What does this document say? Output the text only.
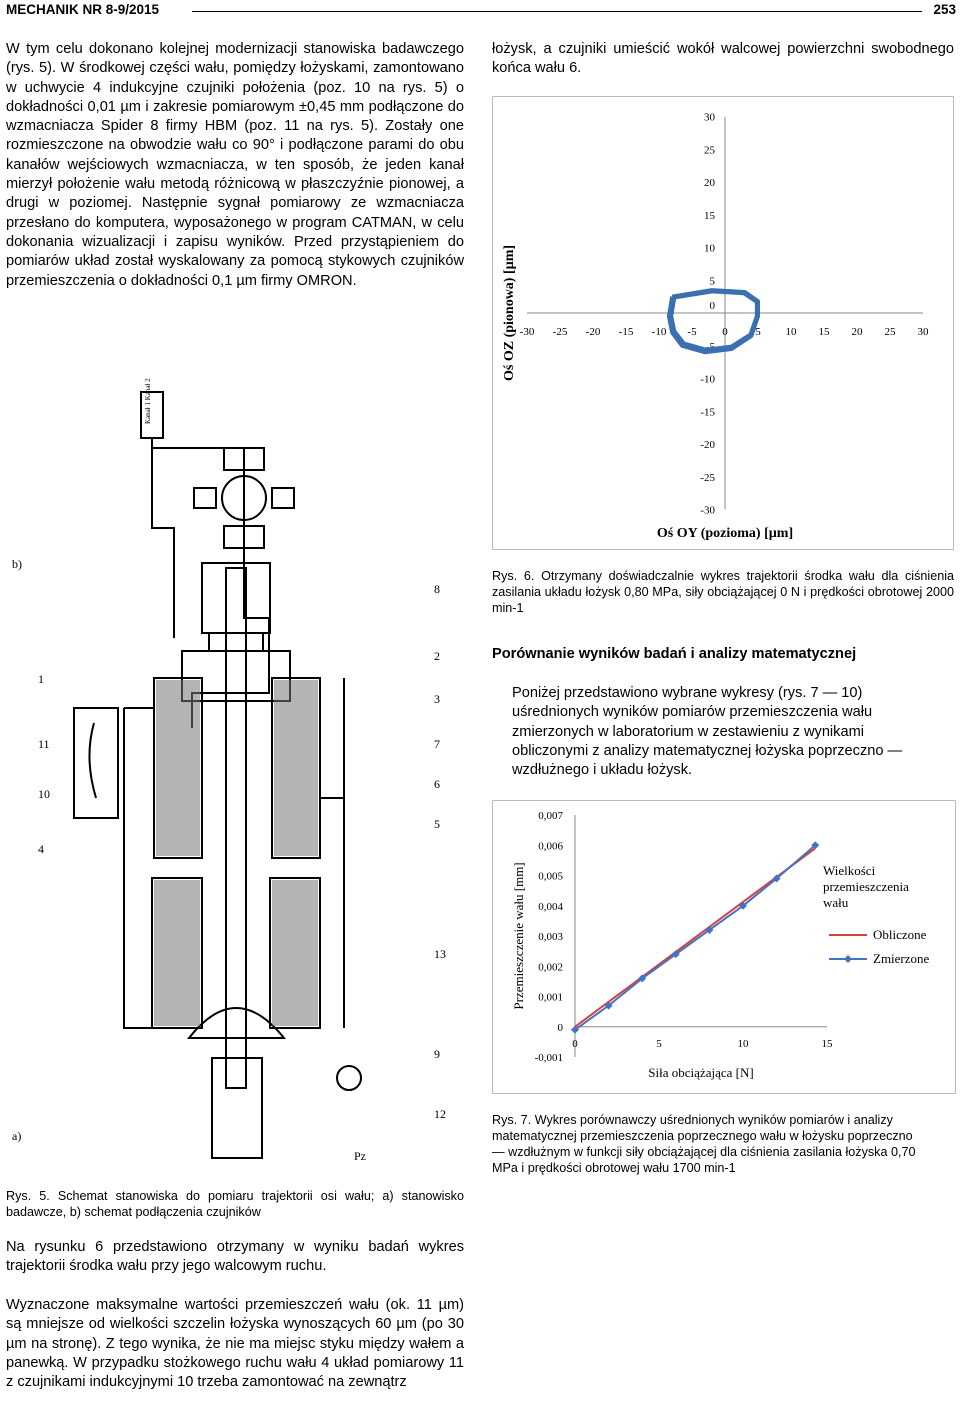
MECHANIK NR 8-9/2015	253
W tym celu dokonano kolejnej modernizacji stanowiska badawczego (rys. 5). W środkowej części wału, pomiędzy łożyskami, zamontowano w uchwycie 4 indukcyjne czujniki położenia (poz. 10 na rys. 5) o dokładności 0,01 µm i zakresie pomiarowym ±0,45 mm podłączone do wzmacniacza Spider 8 firmy HBM (poz. 11 na rys. 5). Zostały one rozmieszczone na obwodzie wału co 90° i podłączone parami do obu kanałów wejściowych wzmacniacza, w ten sposób, że jeden kanał mierzył położenie wału metodą różnicową w płaszczyźnie pionowej, a drugi w poziomej. Następnie sygnał pomiarowy ze wzmacniacza przesłano do komputera, wyposażonego w program CATMAN, w celu dokonania wizualizacji i zapisu wyników. Przed przystąpieniem do pomiarów układ został wyskalowany za pomocą stykowych czujników przemieszczenia o dokładności 0,1 µm firmy OMRON.
b)
a)
1
11
10
4
8
2
3
7
6
5
13
9
12
Pz
Kanał 1 Kanał 2
Rys. 5. Schemat stanowiska do pomiaru trajektorii osi wału; a) stanowisko badawcze, b) schemat podłączenia czujników
Na rysunku 6 przedstawiono otrzymany w wyniku badań wykres trajektorii środka wału przy jego walcowym ruchu.
Wyznaczone maksymalne wartości przemieszczeń wału (ok. 11 µm) są mniejsze od wielkości szczelin łożyska wynoszących 60 µm (po 30 µm na stronę). Z tego wynika, że nie ma miejsc styku między wałem a panewką. W przypadku stożkowego ruchu wału 4 układ pomiarowy 11 z czujnikami indukcyjnymi 10 trzeba zamontować na zewnątrz
łożysk, a czujniki umieścić wokół walcowej powierzchni swobodnego końca wału 6.
-30 -25 -20 -15 -10 -5 0	5 10 15 20 25 30
30
25
20
15
10
5
0
-5
-10
-15
-20
-25
-30
Oś OY (pozioma) [µm]
Oś OZ (pionowa) [µm]
Rys. 6. Otrzymany doświadczalnie wykres trajektorii środka wału dla ciśnienia zasilania układu łożysk 0,80 MPa, siły obciążającej 0 N i prędkości obrotowej 2000 min-1
Porównanie wyników badań i analizy matematycznej
Poniżej przedstawiono wybrane wykresy (rys. 7 — 10) uśrednionych wyników pomiarów przemieszczenia wału zmierzonych w laboratorium w zestawieniu z wynikami obliczonymi z analizy matematycznej łożyska poprzeczno — wzdłużnego i układu łożysk.
0,007
0,006
0,005
0,004
0,003
0,002
0,001
0
-0,001
0	5	10	15
Siła obciążająca [N]
Przemieszczenie wału [mm]	Wielkości
przemieszczenia
wału
Obliczone
Zmierzone
Rys. 7. Wykres porównawczy uśrednionych wyników pomiarów i analizy matematycznej przemieszczenia poprzecznego wału w łożysku poprzeczno — wzdłużnym w funkcji siły obciążającej dla ciśnienia zasilania łożyska 0,70 MPa i prędkości obrotowej wału 1700 min-1
